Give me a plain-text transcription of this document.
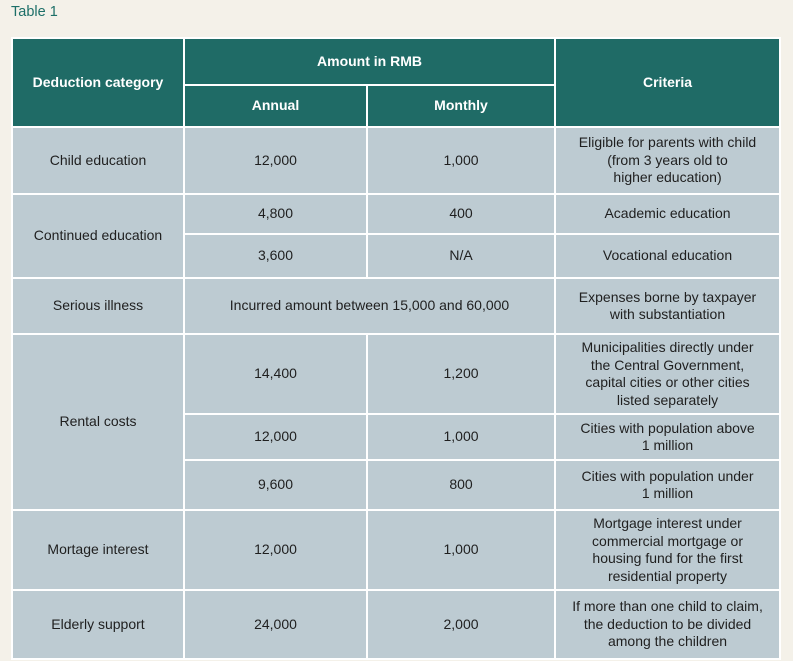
Table 1
Deduction category	Amount in RMB		Criteria
	Annual	Monthly	
Child education	12,000	1,000	Eligible for parents with child
(from 3 years old to
higher education)

Continued education	4,800	400	Academic education
	3,600	N/A	Vocational education
Serious illness	Incurred amount between 15,000 and 60,000		Expenses borne by taxpayer
with substantiation

Rental costs	14,400	1,200	Municipalities directly under
the Central Government,
capital cities or other cities
listed separately

	12,000	1,000	Cities with population above
1 million

	9,600	800	Cities with population under
1 million

Mortage interest	12,000	1,000	Mortgage interest under
commercial mortgage or
housing fund for the first
residential property

Elderly support	24,000	2,000	If more than one child to claim,
the deduction to be divided
among the children
